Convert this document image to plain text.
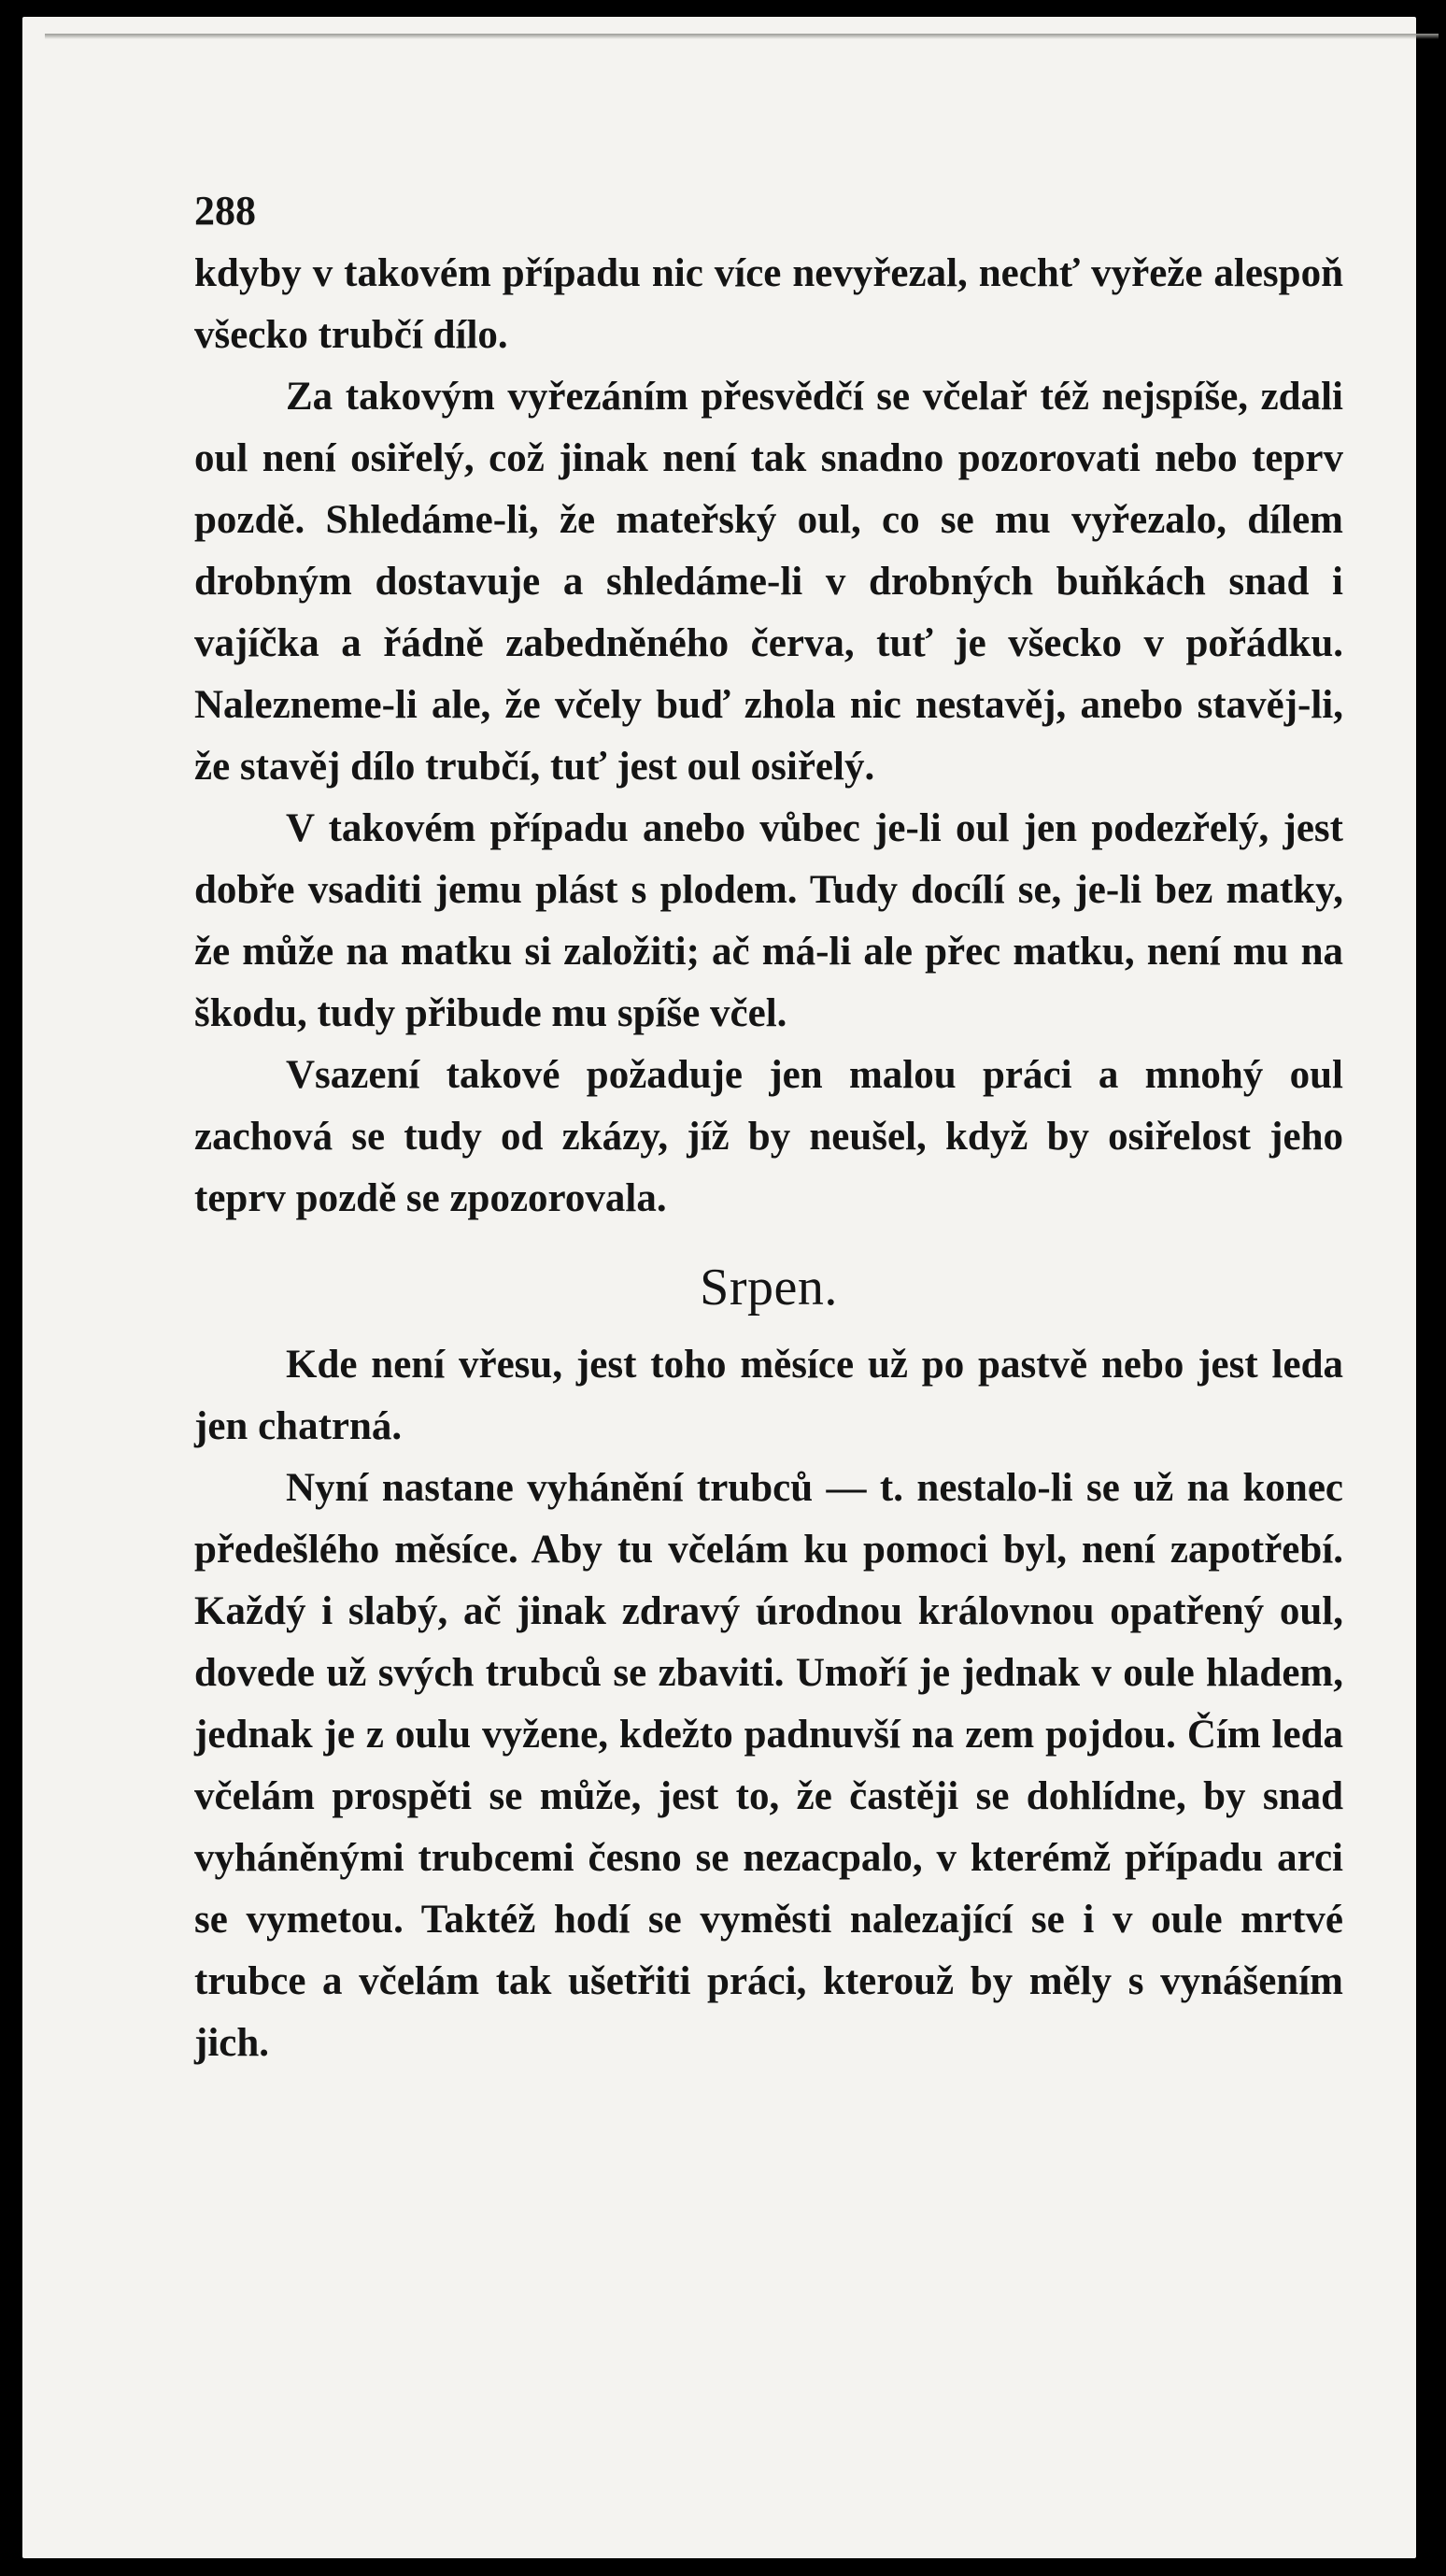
288

kdyby v takovém případu nic více nevyřezal, nechť vyřeže alespoň všecko trubčí dílo.

Za takovým vyřezáním přesvědčí se včelař též nejspíše, zdali oul není osiřelý, což jinak není tak snadno pozorovati nebo teprv pozdě. Shledáme-li, že mateřský oul, co se mu vyřezalo, dílem drobným dostavuje a shledáme-li v drobných buňkách snad i vajíčka a řádně zabedněného červa, tuť je všecko v pořádku. Nalezneme-li ale, že včely buď zhola nic nestavěj, anebo stavěj-li, že stavěj dílo trubčí, tuť jest oul osiřelý.

V takovém případu anebo vůbec je-li oul jen podezřelý, jest dobře vsaditi jemu plást s plodem. Tudy docílí se, je-li bez matky, že může na matku si založiti; ač má-li ale přec matku, není mu na škodu, tudy přibude mu spíše včel.

Vsazení takové požaduje jen malou práci a mnohý oul zachová se tudy od zkázy, jíž by neušel, když by osiřelost jeho teprv pozdě se zpozorovala.

Srpen.

Kde není vřesu, jest toho měsíce už po pastvě nebo jest leda jen chatrná.

Nyní nastane vyhánění trubců — t. nestalo-li se už na konec předešlého měsíce. Aby tu včelám ku pomoci byl, není zapotřebí. Každý i slabý, ač jinak zdravý úrodnou královnou opatřený oul, dovede už svých trubců se zbaviti. Umoří je jednak v oule hladem, jednak je z oulu vyžene, kdežto padnuvší na zem pojdou. Čím leda včelám prospěti se může, jest to, že častěji se dohlídne, by snad vyháněnými trubcemi česno se nezacpalo, v kterémž případu arci se vymetou. Taktéž hodí se vyměsti nalezající se i v oule mrtvé trubce a včelám tak ušetřiti práci, kterouž by měly s vynášením jich.
